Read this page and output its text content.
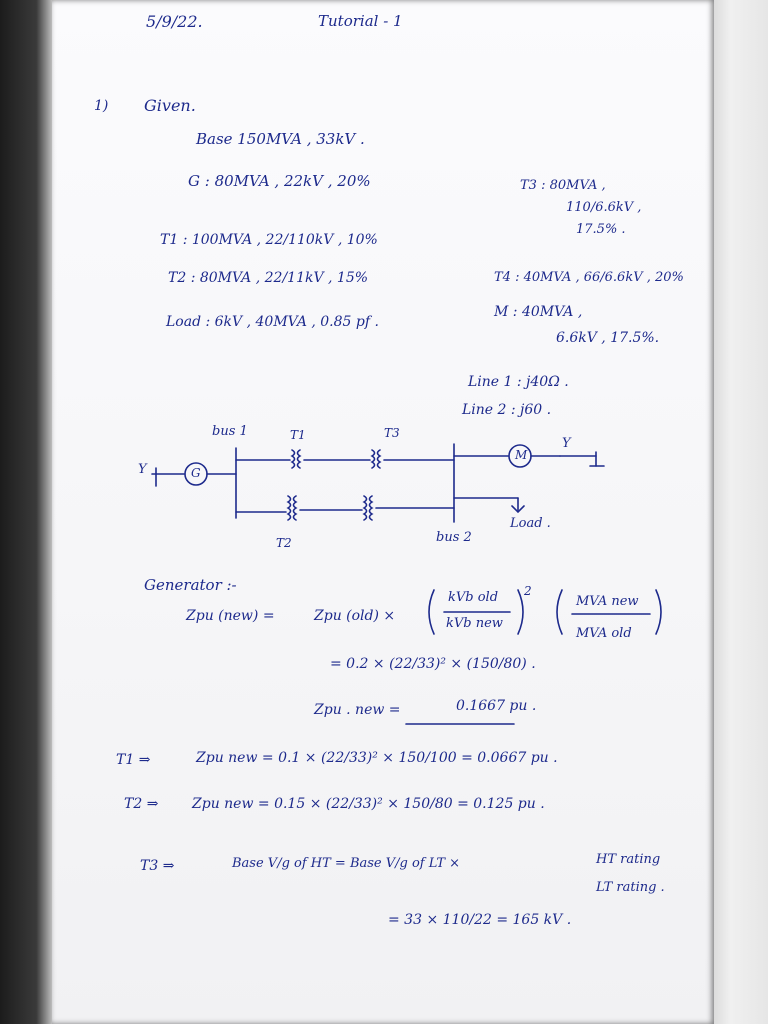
5/9/22.	Tutorial - 1
1) Given.
Base 150MVA , 33kV .
G : 80MVA , 22kV , 20%	T3 : 80MVA ,
110/6.6kV ,
17.5% .
T1 : 100MVA , 22/110kV , 10%
T2 : 80MVA , 22/11kV , 15%	T4 : 40MVA , 66/6.6kV , 20%
Load : 6kV , 40MVA , 0.85 pf .
M : 40MVA ,
6.6kV , 17.5%.
Line 1 : j40Ω .
Line 2 : j60 .
bus 1	T1	T3
G
M
Y
Y
T2	bus 2
Load .
Generator :-
Zpu (new) =	Zpu (old) ×
kVb old
kVb new
2
MVA new
MVA old
= 0.2 × (22/33)² × (150/80) .
Zpu . new =	0.1667 pu .
T1 ⇒	Zpu new = 0.1 × (22/33)² × 150/100 = 0.0667 pu .
T2 ⇒ Zpu new = 0.15 × (22/33)² × 150/80 = 0.125 pu .
T3 ⇒	Base V/g of HT = Base V/g of LT ×	HT rating
LT rating .
= 33 × 110/22 = 165 kV .
